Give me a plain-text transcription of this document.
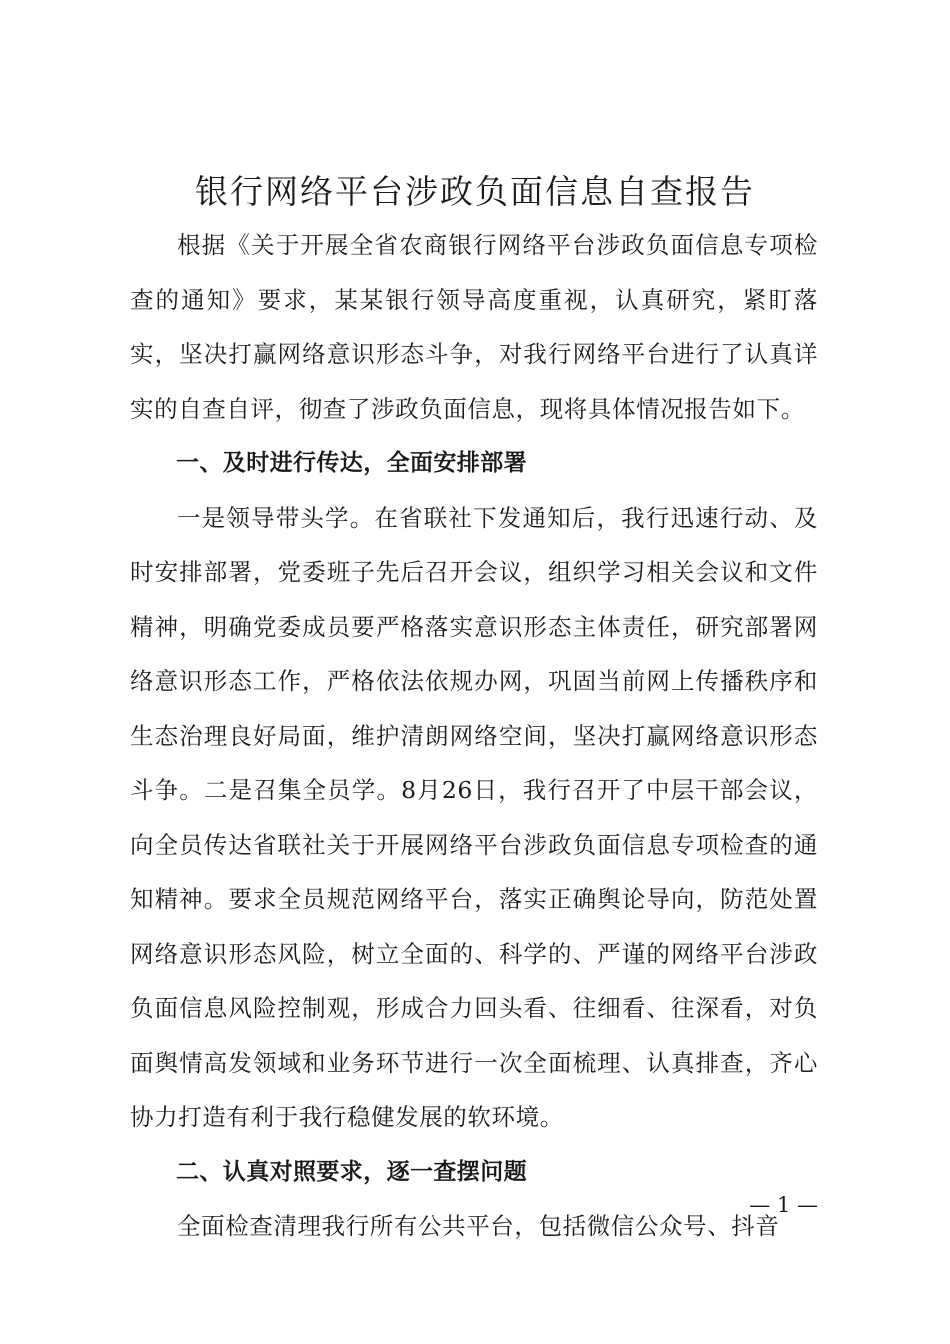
银行网络平台涉政负面信息自查报告

根据《关于开展全省农商银行网络平台涉政负面信息专项检查的通知》要求，某某银行领导高度重视，认真研究，紧盯落实，坚决打赢网络意识形态斗争，对我行网络平台进行了认真详实的自查自评，彻查了涉政负面信息，现将具体情况报告如下。

一、及时进行传达，全面安排部署

一是领导带头学。在省联社下发通知后，我行迅速行动、及时安排部署，党委班子先后召开会议，组织学习相关会议和文件精神，明确党委成员要严格落实意识形态主体责任，研究部署网络意识形态工作，严格依法依规办网，巩固当前网上传播秩序和生态治理良好局面，维护清朗网络空间，坚决打赢网络意识形态斗争。二是召集全员学。8月26日，我行召开了中层干部会议，向全员传达省联社关于开展网络平台涉政负面信息专项检查的通知精神。要求全员规范网络平台，落实正确舆论导向，防范处置网络意识形态风险，树立全面的、科学的、严谨的网络平台涉政负面信息风险控制观，形成合力回头看、往细看、往深看，对负面舆情高发领域和业务环节进行一次全面梳理、认真排查，齐心协力打造有利于我行稳健发展的软环境。

二、认真对照要求，逐一查摆问题

全面检查清理我行所有公共平台，包括微信公众号、抖音

— 1 —
